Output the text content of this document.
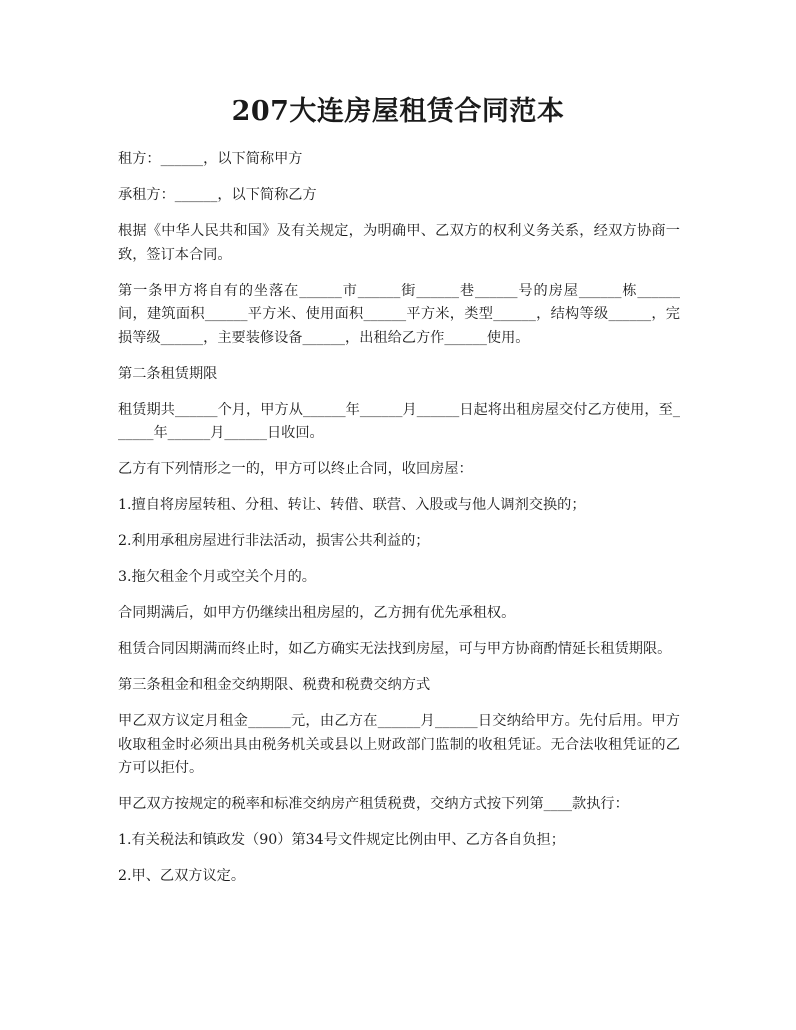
207大连房屋租赁合同范本

租方：______，以下简称甲方

承租方：______，以下简称乙方

根据《中华人民共和国》及有关规定，为明确甲、乙双方的权利义务关系，经双方协商一致，签订本合同。

第一条甲方将自有的坐落在______市______街______巷______号的房屋______栋______间，建筑面积______平方米、使用面积______平方米，类型______，结构等级______，完损等级______，主要装修设备______，出租给乙方作______使用。

第二条租赁期限

租赁期共______个月，甲方从______年______月______日起将出租房屋交付乙方使用，至______年______月______日收回。

乙方有下列情形之一的，甲方可以终止合同，收回房屋：

1.擅自将房屋转租、分租、转让、转借、联营、入股或与他人调剂交换的；

2.利用承租房屋进行非法活动，损害公共利益的；

3.拖欠租金个月或空关个月的。

合同期满后，如甲方仍继续出租房屋的，乙方拥有优先承租权。

租赁合同因期满而终止时，如乙方确实无法找到房屋，可与甲方协商酌情延长租赁期限。

第三条租金和租金交纳期限、税费和税费交纳方式

甲乙双方议定月租金______元，由乙方在______月______日交纳给甲方。先付后用。甲方收取租金时必须出具由税务机关或县以上财政部门监制的收租凭证。无合法收租凭证的乙方可以拒付。

甲乙双方按规定的税率和标准交纳房产租赁税费，交纳方式按下列第____款执行：

1.有关税法和镇政发（90）第34号文件规定比例由甲、乙方各自负担；

2.甲、乙双方议定。
